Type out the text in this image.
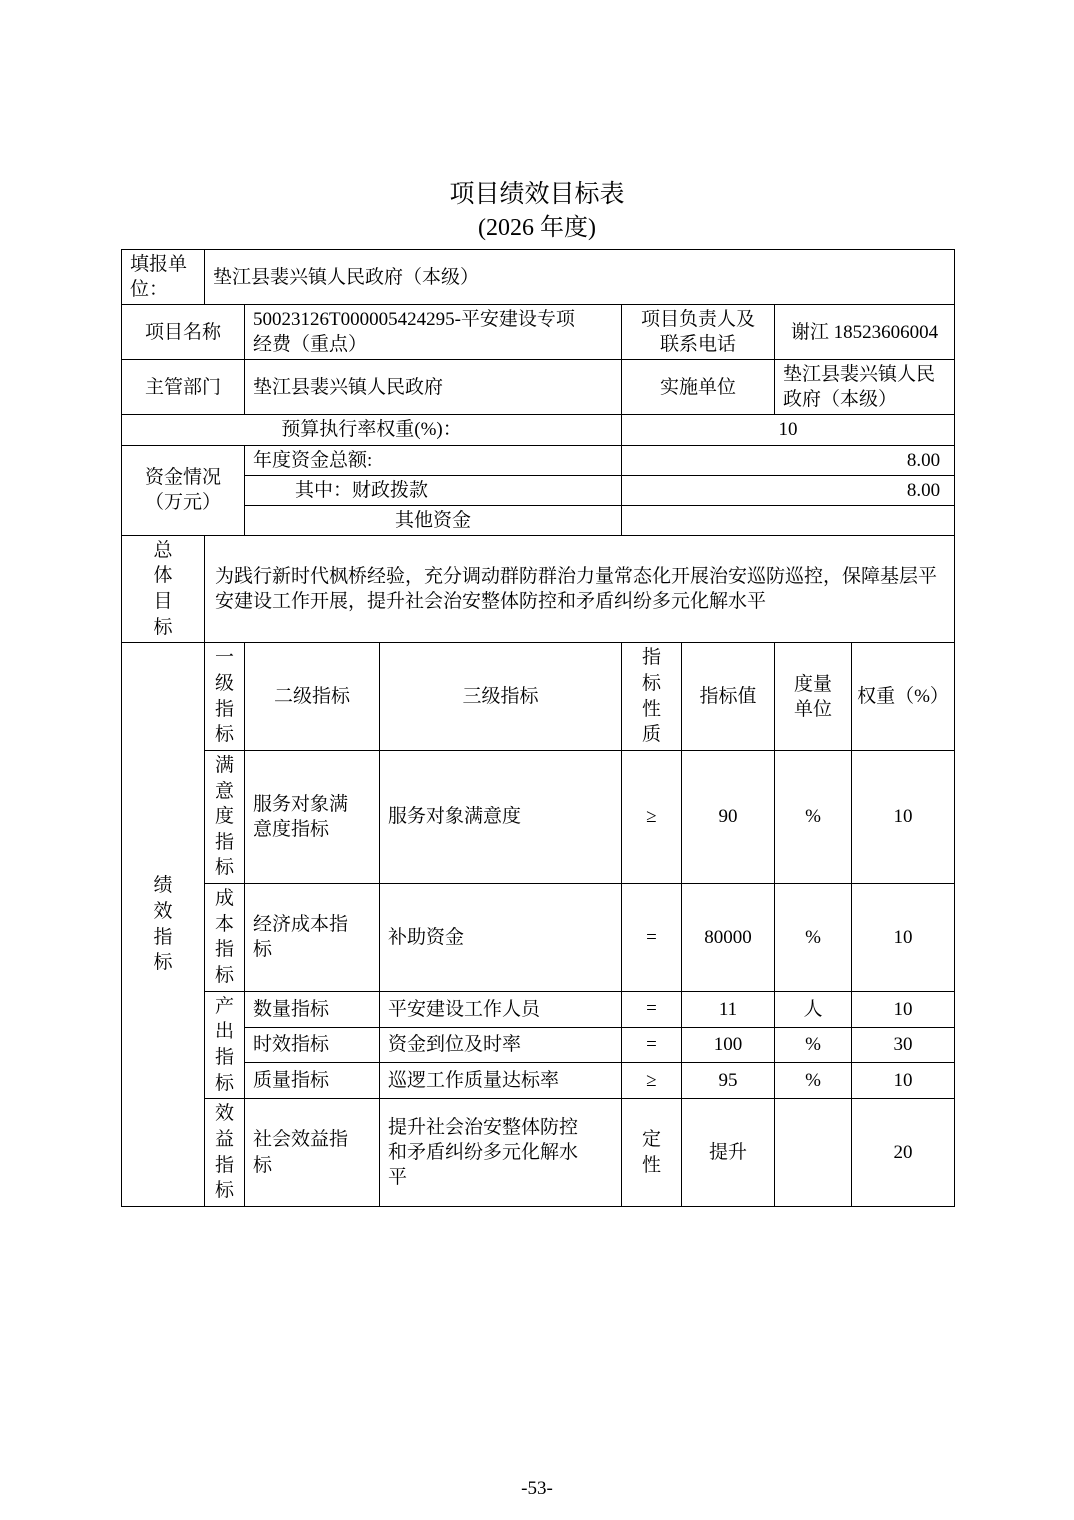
项目绩效目标表
(2026 年度)
填报单位：	垫江县裴兴镇人民政府（本级）						
项目名称		50023126T000005424295-平安建设专项经费（重点）		项目负责人及联系电话		谢江 18523606004	
主管部门		垫江县裴兴镇人民政府		实施单位		垫江县裴兴镇人民政府（本级）	
预算执行率权重(%)：				10			
资金情况（万元）		年度资金总额:		8.00			
		其中：财政拨款		8.00			
		其他资金					
总体目标	为践行新时代枫桥经验，充分调动群防群治力量常态化开展治安巡防巡控，保障基层平安建设工作开展，提升社会治安整体防控和矛盾纠纷多元化解水平						
绩效指标	一级指标	二级指标	三级指标	指标性质	指标值	度量单位	权重（%）
	满意度指标	服务对象满意度指标	服务对象满意度	≥	90	%	10
	成本指标	经济成本指标	补助资金	=	80000	%	10
	产出指标	数量指标	平安建设工作人员	=	11	人	10
		时效指标	资金到位及时率	=	100	%	30
		质量指标	巡逻工作质量达标率	≥	95	%	10
	效益指标	社会效益指标	提升社会治安整体防控和矛盾纠纷多元化解水平	定性	提升		20
-53-
